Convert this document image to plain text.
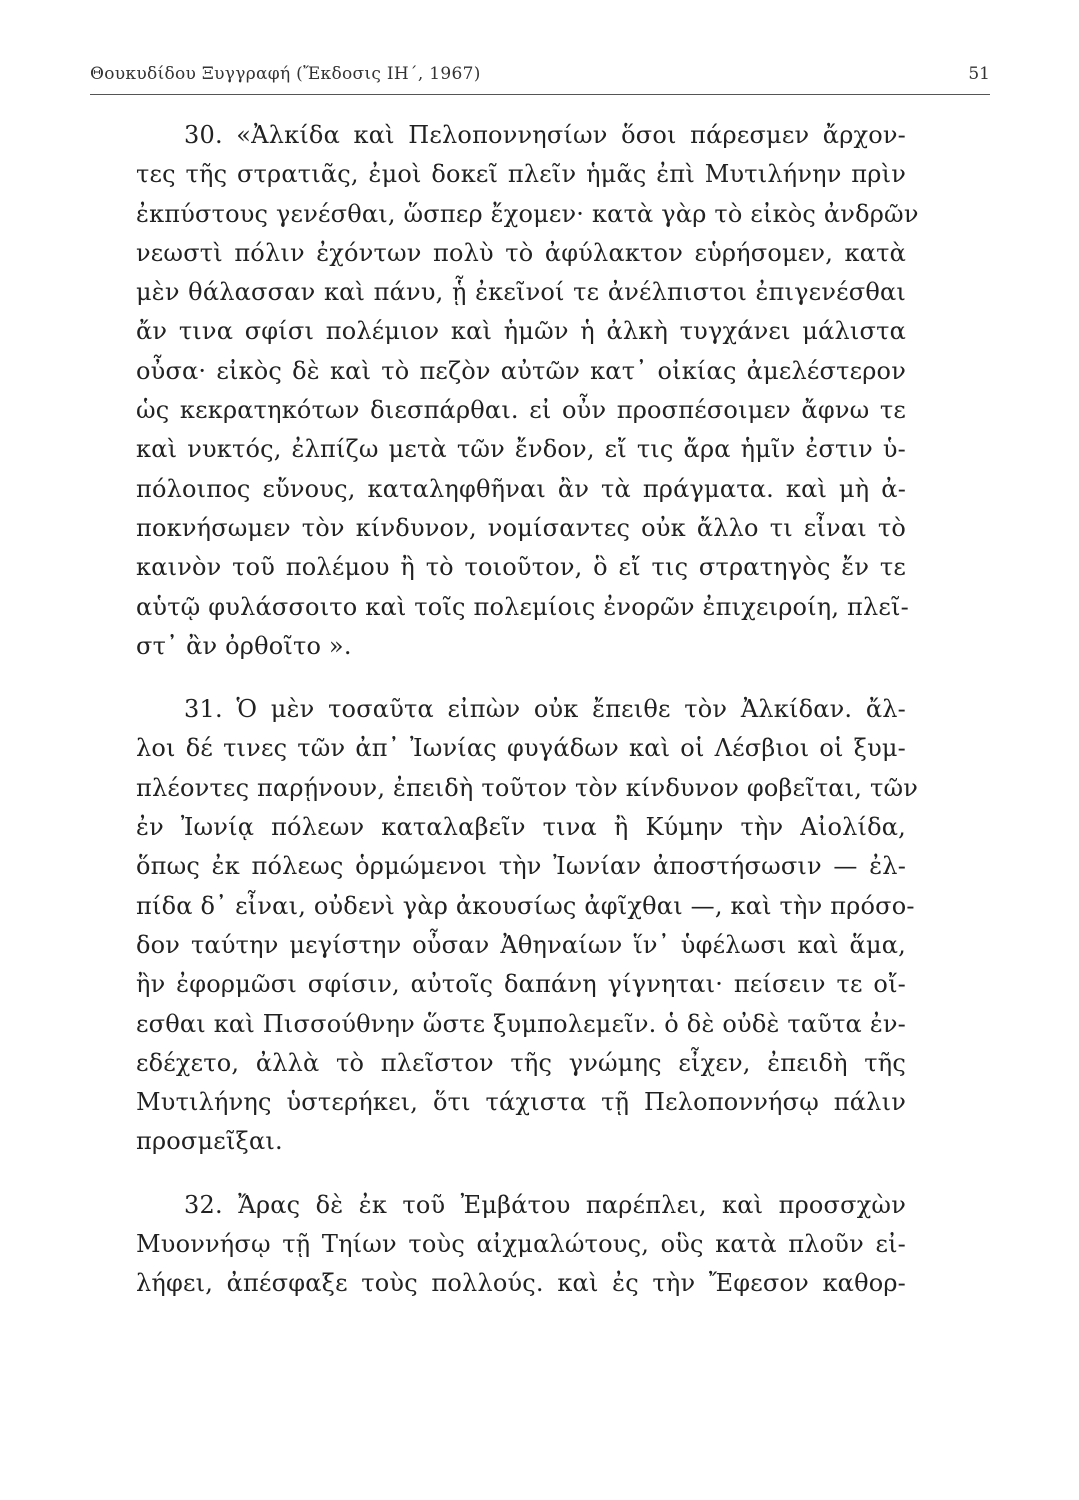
Θουκυδίδου Ξυγγραφή (Ἔκδοσις ΙΗ΄, 1967)	51
30. «Ἀλκίδα καὶ Πελοποννησίων ὅσοι πάρεσμεν ἄρχον-
τες τῆς στρατιᾶς, ἐμοὶ δοκεῖ πλεῖν ἡμᾶς ἐπὶ Μυτιλήνην πρὶν
ἐκπύστους γενέσθαι, ὥσπερ ἔχομεν· κατὰ γὰρ τὸ εἰκὸς ἀνδρῶν
νεωστὶ πόλιν ἐχόντων πολὺ τὸ ἀφύλακτον εὑρήσομεν, κατὰ
μὲν θάλασσαν καὶ πάνυ, ᾗ ἐκεῖνοί τε ἀνέλπιστοι ἐπιγενέσθαι
ἄν τινα σφίσι πολέμιον καὶ ἡμῶν ἡ ἀλκὴ τυγχάνει μάλιστα
οὖσα· εἰκὸς δὲ καὶ τὸ πεζὸν αὐτῶν κατ᾽ οἰκίας ἀμελέστερον
ὡς κεκρατηκότων διεσπάρθαι. εἰ οὖν προσπέσοιμεν ἄφνω τε
καὶ νυκτός, ἐλπίζω μετὰ τῶν ἔνδον, εἴ τις ἄρα ἡμῖν ἐστιν ὑ-
πόλοιπος εὔνους, καταληφθῆναι ἂν τὰ πράγματα. καὶ μὴ ἀ-
ποκνήσωμεν τὸν κίνδυνον, νομίσαντες οὐκ ἄλλο τι εἶναι τὸ
καινὸν τοῦ πολέμου ἢ τὸ τοιοῦτον, ὃ εἴ τις στρατηγὸς ἔν τε
αὑτῷ φυλάσσοιτο καὶ τοῖς πολεμίοις ἐνορῶν ἐπιχειροίη, πλεῖ-
στ᾽ ἂν ὀρθοῖτο ».
31. Ὁ μὲν τοσαῦτα εἰπὼν οὐκ ἔπειθε τὸν Ἀλκίδαν. ἄλ-
λοι δέ τινες τῶν ἀπ᾽ Ἰωνίας φυγάδων καὶ οἱ Λέσβιοι οἱ ξυμ-
πλέοντες παρῄνουν, ἐπειδὴ τοῦτον τὸν κίνδυνον φοβεῖται, τῶν
ἐν Ἰωνίᾳ πόλεων καταλαβεῖν τινα ἢ Κύμην τὴν Αἰολίδα,
ὅπως ἐκ πόλεως ὁρμώμενοι τὴν Ἰωνίαν ἀποστήσωσιν — ἐλ-
πίδα δ᾽ εἶναι, οὐδενὶ γὰρ ἀκουσίως ἀφῖχθαι —, καὶ τὴν πρόσο-
δον ταύτην μεγίστην οὖσαν Ἀθηναίων ἵν᾽ ὑφέλωσι καὶ ἅμα,
ἢν ἐφορμῶσι σφίσιν, αὐτοῖς δαπάνη γίγνηται· πείσειν τε οἴ-
εσθαι καὶ Πισσούθνην ὥστε ξυμπολεμεῖν. ὁ δὲ οὐδὲ ταῦτα ἐν-
εδέχετο, ἀλλὰ τὸ πλεῖστον τῆς γνώμης εἶχεν, ἐπειδὴ τῆς
Μυτιλήνης ὑστερήκει, ὅτι τάχιστα τῇ Πελοποννήσῳ πάλιν
προσμεῖξαι.
32. Ἄρας δὲ ἐκ τοῦ Ἐμβάτου παρέπλει, καὶ προσσχὼν
Μυοννήσῳ τῇ Τηίων τοὺς αἰχμαλώτους, οὓς κατὰ πλοῦν εἰ-
λήφει, ἀπέσφαξε τοὺς πολλούς. καὶ ἐς τὴν Ἔφεσον καθορ-
